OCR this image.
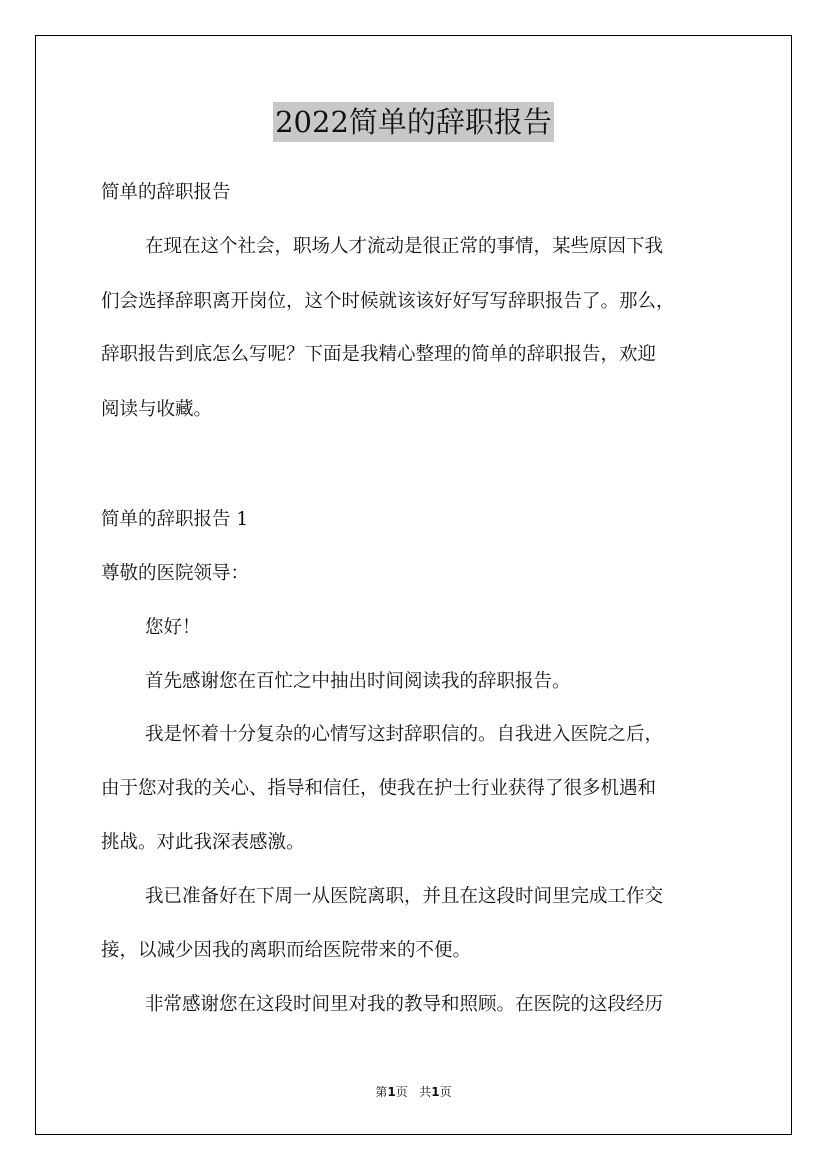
2022简单的辞职报告
简单的辞职报告
在现在这个社会，职场人才流动是很正常的事情，某些原因下我
们会选择辞职离开岗位，这个时候就该该好好写写辞职报告了。那么，
辞职报告到底怎么写呢？下面是我精心整理的简单的辞职报告，欢迎
阅读与收藏。
简单的辞职报告 1
尊敬的医院领导：
您好！
首先感谢您在百忙之中抽出时间阅读我的辞职报告。
我是怀着十分复杂的心情写这封辞职信的。自我进入医院之后，
由于您对我的关心、指导和信任，使我在护士行业获得了很多机遇和
挑战。对此我深表感激。
我已准备好在下周一从医院离职，并且在这段时间里完成工作交
接，以减少因我的离职而给医院带来的不便。
非常感谢您在这段时间里对我的教导和照顾。在医院的这段经历
第1页 共1页
